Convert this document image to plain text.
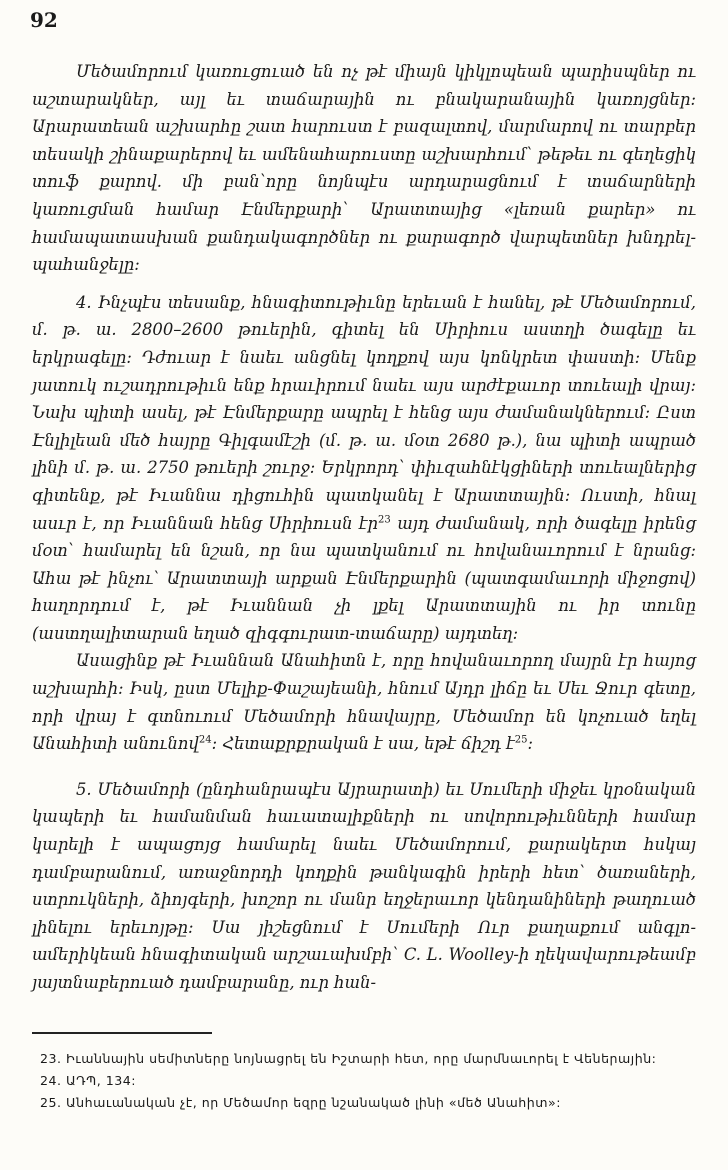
92

Մեծամորում կառուցուած են ոչ թէ միայն կիկլոպեան պարիսպներ ու աշտարակներ, այլ եւ տաճարային ու բնակարանային կառոյցներ: Արարատեան աշխարհը շատ հարուստ է բազալտով, մարմարով ու տարբեր տեսակի շինաքարերով եւ ամենահարուստը աշխարհում՝ թեթեւ ու գեղեցիկ տուֆ քարով. մի բան՝որը նոյնպէս արդարացնում է տաճարների կառուցման համար Էնմերքարի՝ Արատտայից «լեռան քարեր» ու համապատասխան քանդակագործներ ու քարագործ վարպետներ խնդրել-պահանջելը:

4. Ինչպէս տեսանք, հնագիտութիւնը երեւան է հանել, թէ Մեծամորում, մ. թ. ա. 2800–2600 թուերին, գիտել են Սիրիուս աստղի ծագելը եւ երկրագելը: Դժուար է նաեւ անցնել կողքով այս կոնկրետ փաստի: Մենք յատուկ ուշադրութիւն ենք հրաւիրում նաեւ այս արժէքաւոր տուեալի վրայ: Նախ պիտի ասել, թէ Էնմերքարը ապրել է հենց այս ժամանակներում: Ըստ Էնլիլեան մեծ հայրը Գիլգամէշի (մ. թ. ա. մօտ 2680 թ.), նա պիտի ապրած լինի մ. թ. ա. 2750 թուերի շուրջ: Երկրորդ՝ փիւզահնէկցիների տուեալներից գիտենք, թէ Իւաննա դիցուհին պատկանել է Արատտային: Ուստի, հնալ ասւր է, որ Իւաննան հենց Սիրիուսն էր$^{23}$ այդ ժամանակ, որի ծագելը իրենց մօտ՝ համարել են նշան, որ նա պատկանում ու հովանաւորում է նրանց: Ահա թէ ինչու՝ Արատտայի արքան Էնմերքարին (պատգամաւորի միջոցով) հաղորդում է, թէ Իւաննան չի լքել Արատտային ու իր տունը (աստղալիտարան եղած զիգգուրատ-տաճարը) այդտեղ:

Ասացինք թէ Իւաննան Անահիտն է, որը հովանաւորող մայրն էր հայոց աշխարհի: Իսկ, ըստ Մելիք-Փաշայեանի, հնում Այդր լիճը եւ Սեւ Ջուր գետը, որի վրայ է գտնուում Մեծամորի հնավայրը, Մեծամոր են կոչուած եղել Անահիտի անունով$^{24}$: Հետաքրքրական է սա, եթէ ճիշդ է$^{25}$:

5. Մեծամորի (ընդհանրապէս Այրարատի) եւ Սումերի միջեւ կրօնական կապերի եւ համանման հաւատալիքների ու սովորութիւնների համար կարելի է ապացոյց համարել նաեւ Մեծամորում, քարակերտ հսկայ դամբարանում, առաջնորդի կողքին թանկագին իրերի հետ՝ ծառաների, ստրուկների, ձիոյգերի, խոշոր ու մանր եղջերաւոր կենդանիների թաղուած լինելու երեւոյթը: Սա յիշեցնում է Սումերի Ուր քաղաքում անգլո-ամերիկեան հնագիտական արշաւախմբի՝ C. L. Woolley-ի ղեկավարութեամբ յայտնաբերուած դամբարանը, ուր հան-

23. Իւաննային սեմիտները նոյնացրել են Իշտարի հետ, որը մարմնաւորել է Վեներային:

24. ԱԴՊ, 134:

25. Անհաւանական չէ, որ Մեծամոր եզրը նշանակած լինի «մեծ Անահիտ»:
